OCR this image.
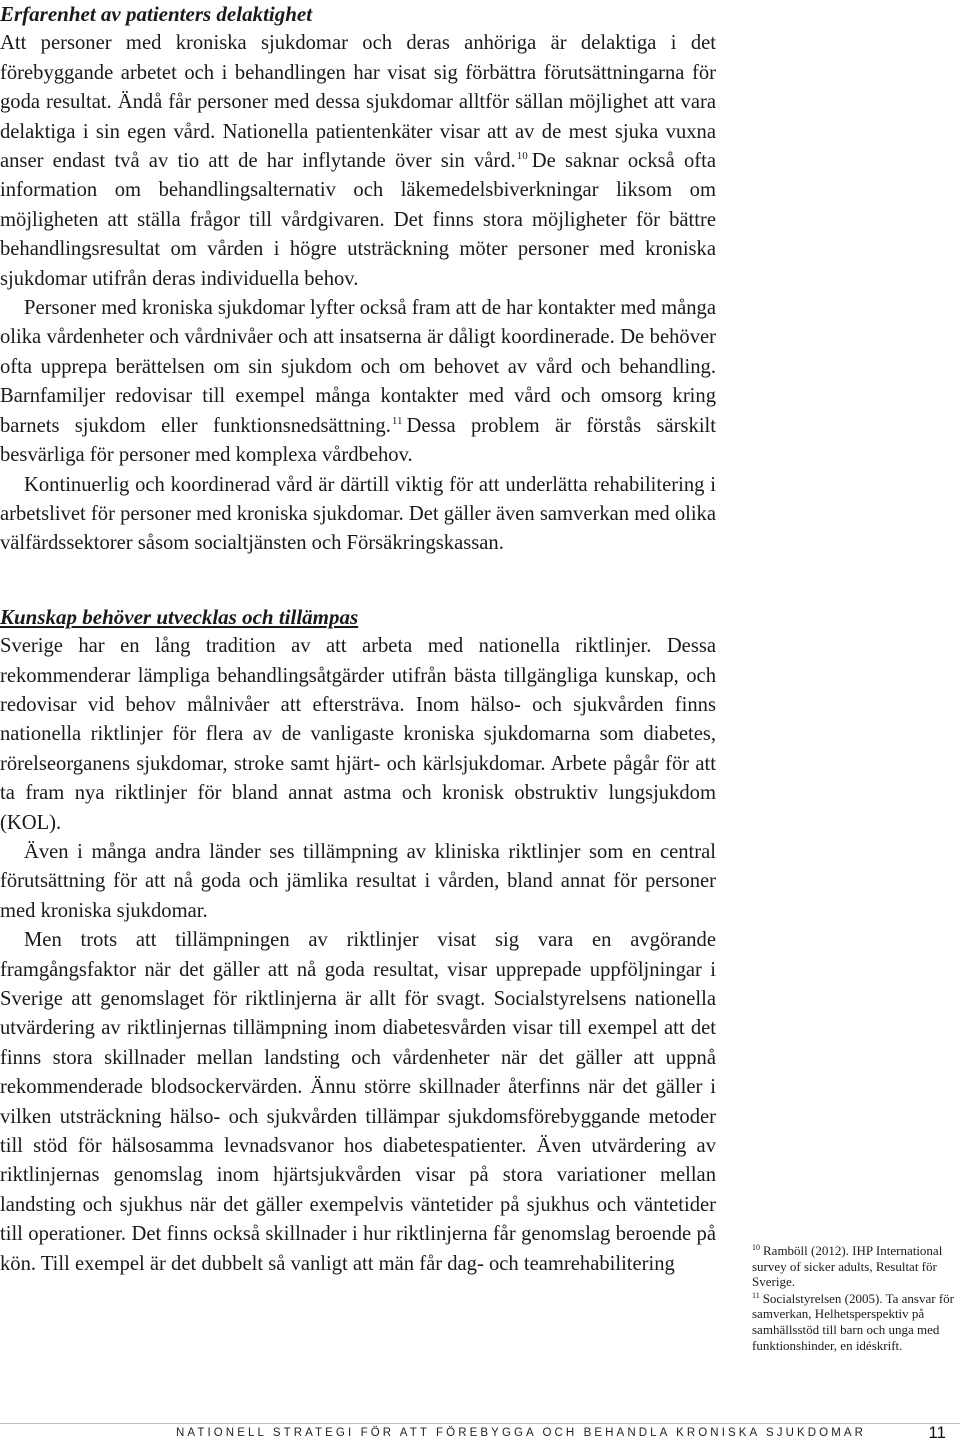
Erfarenhet av patienters delaktighet

Att personer med kroniska sjukdomar och deras anhöriga är delaktiga i det förebyggande arbetet och i behandlingen har visat sig förbättra förutsättningarna för goda resultat. Ändå får personer med dessa sjukdomar alltför sällan möjlighet att vara delaktiga i sin egen vård. Nationella patientenkäter visar att av de mest sjuka vuxna anser endast två av tio att de har inflytande över sin vård.$^{10}$ De saknar också ofta information om behandlingsalternativ och läkemedelsbiverkningar liksom om möjligheten att ställa frågor till vårdgivaren. Det finns stora möjligheter för bättre behandlingsresultat om vården i högre utsträckning möter personer med kroniska sjukdomar utifrån deras individuella behov.

Personer med kroniska sjukdomar lyfter också fram att de har kontakter med många olika vårdenheter och vårdnivåer och att insatserna är dåligt koordinerade. De behöver ofta upprepa berättelsen om sin sjukdom och om behovet av vård och behandling. Barnfamiljer redovisar till exempel många kontakter med vård och omsorg kring barnets sjukdom eller funktionsnedsättning.$^{11}$ Dessa problem är förstås särskilt besvärliga för personer med komplexa vårdbehov.

Kontinuerlig och koordinerad vård är därtill viktig för att underlätta rehabilitering i arbetslivet för personer med kroniska sjukdomar. Det gäller även samverkan med olika välfärdssektorer såsom socialtjänsten och Försäkringskassan.

Kunskap behöver utvecklas och tillämpas

Sverige har en lång tradition av att arbeta med nationella riktlinjer. Dessa rekommenderar lämpliga behandlingsåtgärder utifrån bästa tillgängliga kunskap, och redovisar vid behov målnivåer att eftersträva. Inom hälso- och sjukvården finns nationella riktlinjer för flera av de vanligaste kroniska sjukdomarna som diabetes, rörelseorganens sjukdomar, stroke samt hjärt- och kärlsjukdomar. Arbete pågår för att ta fram nya riktlinjer för bland annat astma och kronisk obstruktiv lungsjukdom (KOL).

Även i många andra länder ses tillämpning av kliniska riktlinjer som en central förutsättning för att nå goda och jämlika resultat i vården, bland annat för personer med kroniska sjukdomar.

Men trots att tillämpningen av riktlinjer visat sig vara en avgörande framgångsfaktor när det gäller att nå goda resultat, visar upprepade uppföljningar i Sverige att genomslaget för riktlinjerna är allt för svagt. Socialstyrelsens nationella utvärdering av riktlinjernas tillämpning inom diabetesvården visar till exempel att det finns stora skillnader mellan landsting och vårdenheter när det gäller att uppnå rekommenderade blodsockervärden. Ännu större skillnader återfinns när det gäller i vilken utsträckning hälso- och sjukvården tillämpar sjukdomsförebyggande metoder till stöd för hälsosamma levnadsvanor hos diabetespatienter. Även utvärdering av riktlinjernas genomslag inom hjärtsjukvården visar på stora variationer mellan landsting och sjukhus när det gäller exempelvis väntetider på sjukhus och väntetider till operationer. Det finns också skillnader i hur riktlinjerna får genomslag beroende på kön. Till exempel är det dubbelt så vanligt att män får dag- och teamrehabilitering

$^{10}$ Ramböll (2012). IHP International survey of sicker adults, Resultat för Sverige.

$^{11}$ Socialstyrelsen (2005). Ta ansvar för samverkan, Helhetsperspektiv på samhällsstöd till barn och unga med funktionshinder, en idéskrift.

NATIONELL STRATEGI FÖR ATT FÖREBYGGA OCH BEHANDLA KRONISKA SJUKDOMAR	11
